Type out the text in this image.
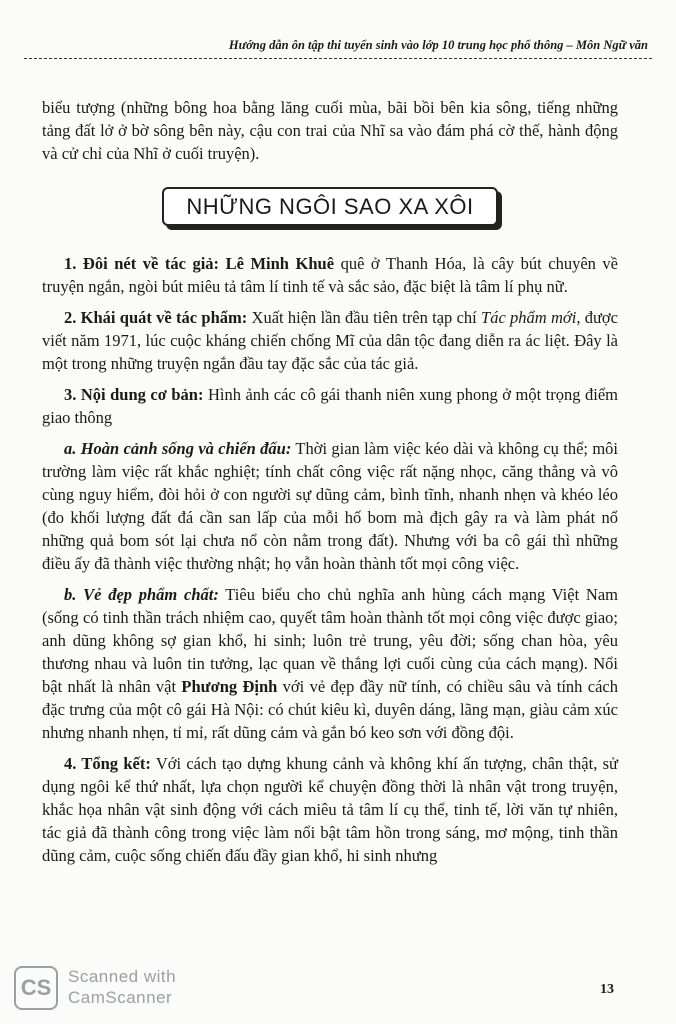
Hướng dẫn ôn tập thi tuyển sinh vào lớp 10 trung học phổ thông – Môn Ngữ văn

biểu tượng (những bông hoa bằng lăng cuối mùa, bãi bồi bên kia sông, tiếng những tảng đất lở ở bờ sông bên này, cậu con trai của Nhĩ sa vào đám phá cờ thế, hành động và cử chỉ của Nhĩ ở cuối truyện).

NHỮNG NGÔI SAO XA XÔI

1. Đôi nét về tác giả: Lê Minh Khuê quê ở Thanh Hóa, là cây bút chuyên về truyện ngắn, ngòi bút miêu tả tâm lí tinh tế và sắc sảo, đặc biệt là tâm lí phụ nữ.

2. Khái quát về tác phẩm: Xuất hiện lần đầu tiên trên tạp chí Tác phẩm mới, được viết năm 1971, lúc cuộc kháng chiến chống Mĩ của dân tộc đang diễn ra ác liệt. Đây là một trong những truyện ngắn đầu tay đặc sắc của tác giả.

3. Nội dung cơ bản: Hình ảnh các cô gái thanh niên xung phong ở một trọng điểm giao thông

a. Hoàn cảnh sống và chiến đấu: Thời gian làm việc kéo dài và không cụ thể; môi trường làm việc rất khắc nghiệt; tính chất công việc rất nặng nhọc, căng thẳng và vô cùng nguy hiểm, đòi hỏi ở con người sự dũng cảm, bình tĩnh, nhanh nhẹn và khéo léo (đo khối lượng đất đá cần san lấp của mỗi hố bom mà địch gây ra và làm phát nổ những quả bom sót lại chưa nổ còn nằm trong đất). Nhưng với ba cô gái thì những điều ấy đã thành việc thường nhật; họ vẫn hoàn thành tốt mọi công việc.

b. Vẻ đẹp phẩm chất: Tiêu biểu cho chủ nghĩa anh hùng cách mạng Việt Nam (sống có tinh thần trách nhiệm cao, quyết tâm hoàn thành tốt mọi công việc được giao; anh dũng không sợ gian khổ, hi sinh; luôn trẻ trung, yêu đời; sống chan hòa, yêu thương nhau và luôn tin tưởng, lạc quan về thắng lợi cuối cùng của cách mạng). Nổi bật nhất là nhân vật Phương Định với vẻ đẹp đầy nữ tính, có chiều sâu và tính cách đặc trưng của một cô gái Hà Nội: có chút kiêu kì, duyên dáng, lãng mạn, giàu cảm xúc nhưng nhanh nhẹn, tỉ mỉ, rất dũng cảm và gắn bó keo sơn với đồng đội.

4. Tổng kết: Với cách tạo dựng khung cảnh và không khí ấn tượng, chân thật, sử dụng ngôi kể thứ nhất, lựa chọn người kể chuyện đồng thời là nhân vật trong truyện, khắc họa nhân vật sinh động với cách miêu tả tâm lí cụ thể, tinh tế, lời văn tự nhiên, tác giả đã thành công trong việc làm nổi bật tâm hồn trong sáng, mơ mộng, tinh thần dũng cảm, cuộc sống chiến đấu đầy gian khổ, hi sinh nhưng

CS Scanned with
CamScanner	13
